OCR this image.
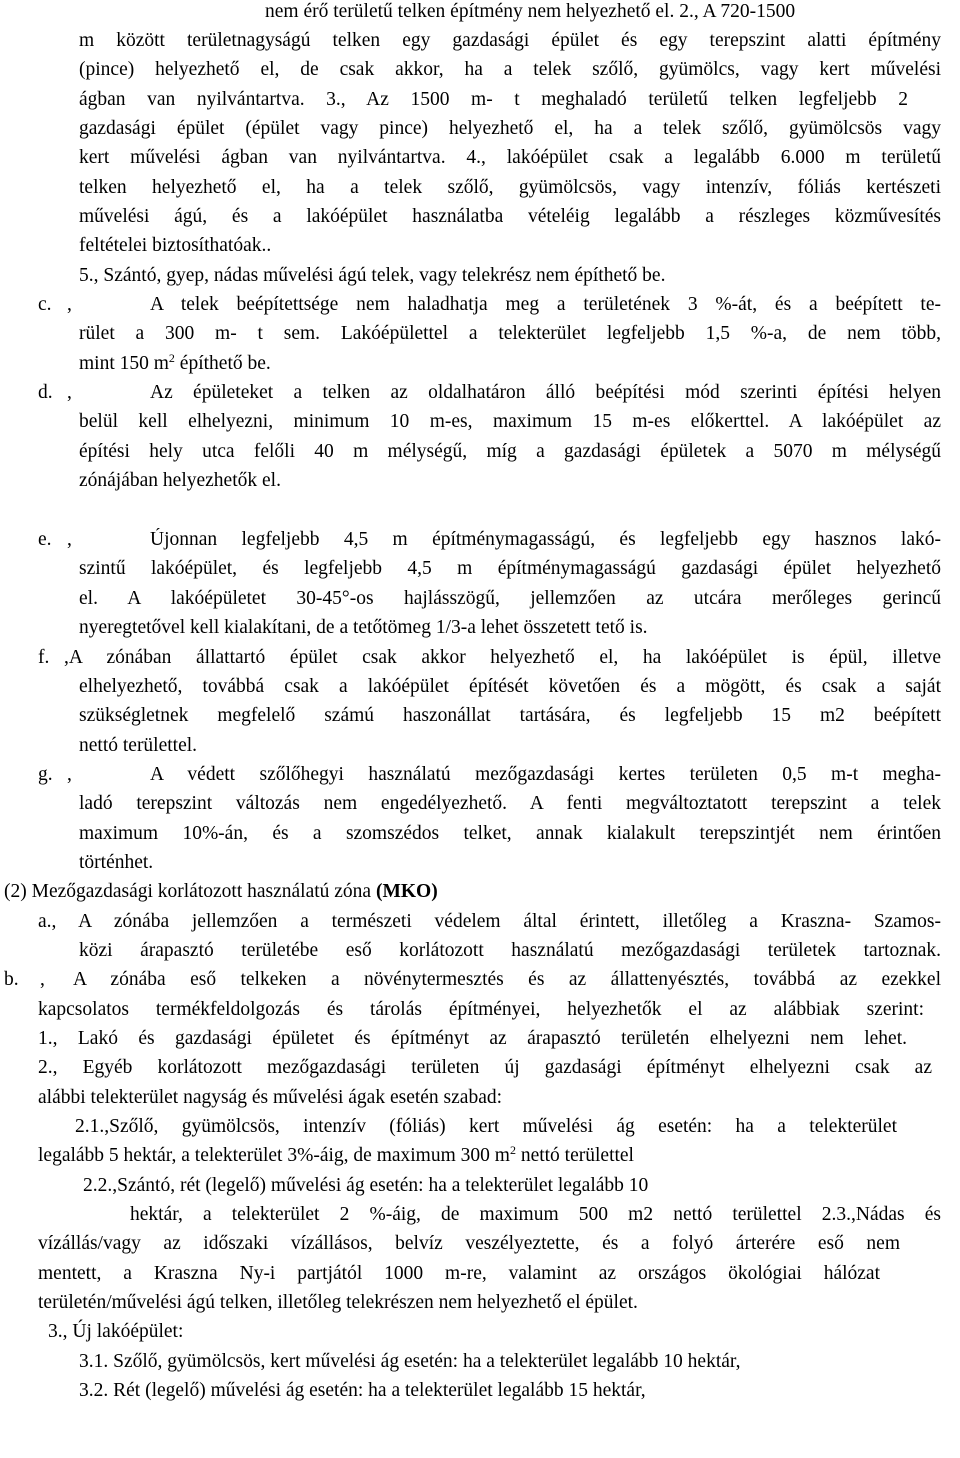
nem érő területű telken építmény nem helyezhető el. 2., A 720-1500
m között területnagyságú telken egy gazdasági épület és egy terepszint alatti építmény
(pince) helyezhető el, de csak akkor, ha a telek szőlő, gyümölcs, vagy kert művelési
ágban van nyilvántartva. 3., Az 1500 m- t meghaladó területű telken legfeljebb 2
gazdasági épület (épület vagy pince) helyezhető el, ha a telek szőlő, gyümölcsös vagy
kert művelési ágban van nyilvántartva. 4., lakóépület csak a legalább 6.000 m területű
telken helyezhető el, ha a telek szőlő, gyümölcsös, vagy intenzív, fóliás kertészeti
művelési ágú, és a lakóépület használatba vételéig legalább a részleges közművesítés
feltételei biztosíthatóak..
5., Szántó, gyep, nádas művelési ágú telek, vagy telekrész nem építhető be.
c. ,	A telek beépítettsége nem haladhatja meg a területének 3 %-át, és a beépített te-
rület a 300 m- t sem. Lakóépülettel a telekterület legfeljebb 1,5 %-a, de nem több,
mint 150 $m^2$ építhető be.
d. ,	Az épületeket a telken az oldalhatáron álló beépítési mód szerinti építési helyen
belül kell elhelyezni, minimum 10 m-es, maximum 15 m-es előkerttel. A lakóépület az
építési hely utca felőli 40 m mélységű, míg a gazdasági épületek a 5070 m mélységű
zónájában helyezhetők el.
e. ,	Újonnan legfeljebb 4,5 m építménymagasságú, és legfeljebb egy hasznos lakó-
szintű lakóépület, és legfeljebb 4,5 m építménymagasságú gazdasági épület helyezhető
el. A lakóépületet 30-45°-os hajlásszögű, jellemzően az utcára merőleges gerincű
nyeregtetővel kell kialakítani, de a tetőtömeg 1/3-a lehet összetett tető is.
f. ,A zónában állattartó épület csak akkor helyezhető el, ha lakóépület is épül, illetve
elhelyezhető, továbbá csak a lakóépület építését követően és a mögött, és csak a saját
szükségletnek megfelelő számú haszonállat tartására, és legfeljebb 15 m2 beépített
nettó területtel.
g. ,	A védett szőlőhegyi használatú mezőgazdasági kertes területen 0,5 m-t megha-
ladó terepszint változás nem engedélyezhető. A fenti megváltoztatott terepszint a telek
maximum 10%-án, és a szomszédos telket, annak kialakult terepszintjét nem érintően
történhet.
(2) Mezőgazdasági korlátozott használatú zóna (MKO)
a., A zónába jellemzően a természeti védelem által érintett, illetőleg a Kraszna- Szamos-
közi árapasztó területébe eső korlátozott használatú mezőgazdasági területek tartoznak.
b. , A zónába eső telkeken a növénytermesztés és az állattenyésztés, továbbá az ezekkel
kapcsolatos termékfeldolgozás és tárolás építményei, helyezhetők el az alábbiak szerint:
1., Lakó és gazdasági épületet és építményt az árapasztó területén elhelyezni nem lehet.
2., Egyéb korlátozott mezőgazdasági területen új gazdasági építményt elhelyezni csak az
alábbi telekterület nagyság és művelési ágak esetén szabad:
2.1.,Szőlő, gyümölcsös, intenzív (fóliás) kert művelési ág esetén: ha a telekterület
legalább 5 hektár, a telekterület 3%-áig, de maximum 300 $m^2$ nettó területtel
2.2.,Szántó, rét (legelő) művelési ág esetén: ha a telekterület legalább 10
hektár, a telekterület 2 %-áig, de maximum 500 m2 nettó területtel 2.3.,Nádas és
vízállás/vagy az időszaki vízállásos, belvíz veszélyeztette, és a folyó árterére eső nem
mentett, a Kraszna Ny-i partjától 1000 m-re, valamint az országos ökológiai hálózat
területén/művelési ágú telken, illetőleg telekrészen nem helyezhető el épület.
3., Új lakóépület:
3.1. Szőlő, gyümölcsös, kert művelési ág esetén: ha a telekterület legalább 10 hektár,
3.2. Rét (legelő) művelési ág esetén: ha a telekterület legalább 15 hektár,
